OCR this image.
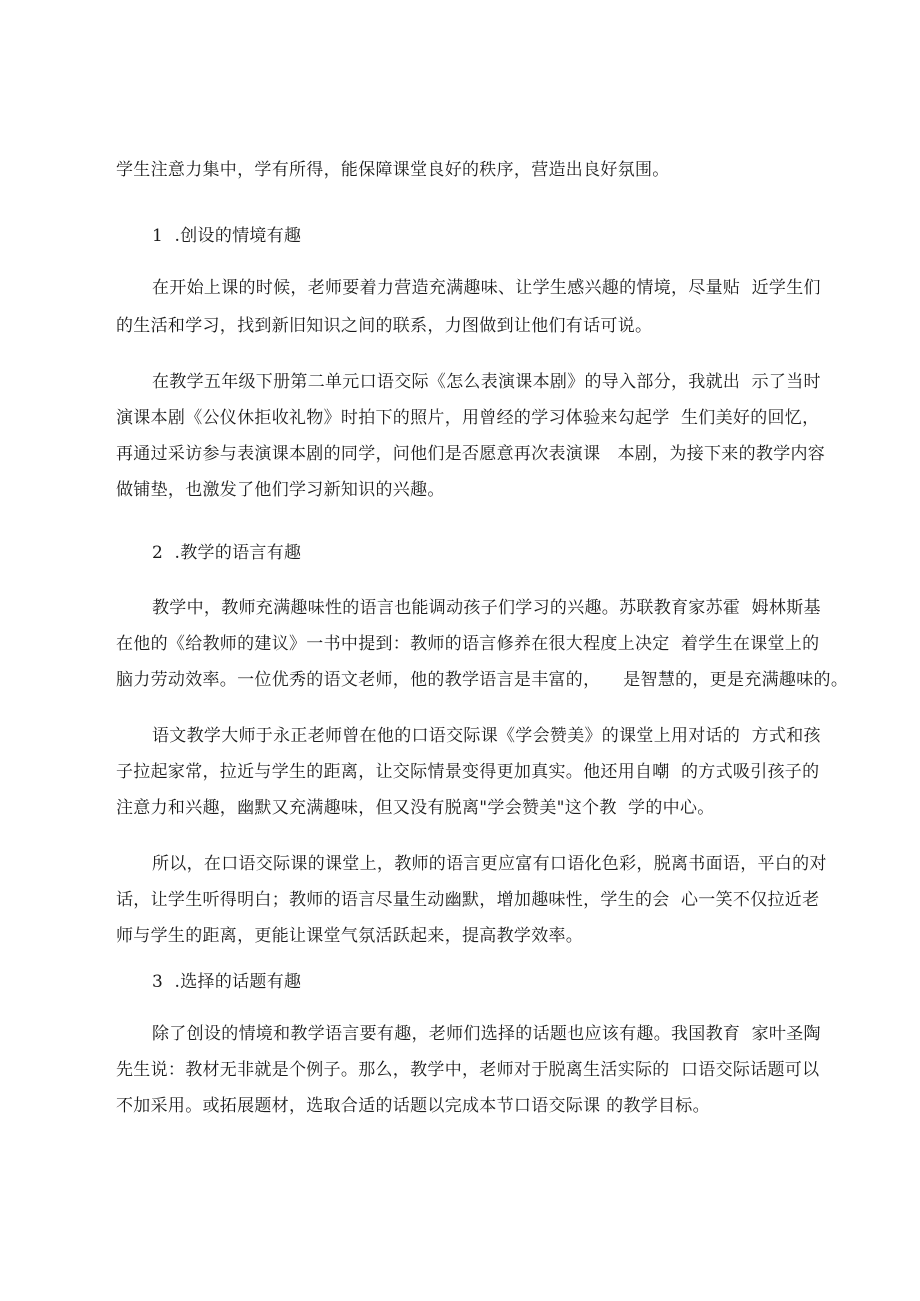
学生注意力集中，学有所得，能保障课堂良好的秩序，营造出良好氛围。
1  .创设的情境有趣
在开始上课的时候，老师要着力营造充满趣味、让学生感兴趣的情境，尽量贴  近学生们
的生活和学习，找到新旧知识之间的联系，力图做到让他们有话可说。
在教学五年级下册第二单元口语交际《怎么表演课本剧》的导入部分，我就出  示了当时
演课本剧《公仪休拒收礼物》时拍下的照片，用曾经的学习体验来勾起学  生们美好的回忆，
再通过采访参与表演课本剧的同学，问他们是否愿意再次表演课   本剧，为接下来的教学内容
做铺垫，也激发了他们学习新知识的兴趣。
2  .教学的语言有趣
教学中，教师充满趣味性的语言也能调动孩子们学习的兴趣。苏联教育家苏霍  姆林斯基
在他的《给教师的建议》一书中提到：教师的语言修养在很大程度上决定  着学生在课堂上的
脑力劳动效率。一位优秀的语文老师，他的教学语言是丰富的，    是智慧的，更是充满趣味的。
语文教学大师于永正老师曾在他的口语交际课《学会赞美》的课堂上用对话的  方式和孩
子拉起家常，拉近与学生的距离，让交际情景变得更加真实。他还用自嘲  的方式吸引孩子的
注意力和兴趣，幽默又充满趣味，但又没有脱离"学会赞美"这个教  学的中心。
所以，在口语交际课的课堂上，教师的语言更应富有口语化色彩，脱离书面语，平白的对
话，让学生听得明白；教师的语言尽量生动幽默，增加趣味性，学生的会  心一笑不仅拉近老
师与学生的距离，更能让课堂气氛活跃起来，提高教学效率。
3  .选择的话题有趣
除了创设的情境和教学语言要有趣，老师们选择的话题也应该有趣。我国教育  家叶圣陶
先生说：教材无非就是个例子。那么，教学中，老师对于脱离生活实际的  口语交际话题可以
不加采用。或拓展题材，选取合适的话题以完成本节口语交际课 的教学目标。
